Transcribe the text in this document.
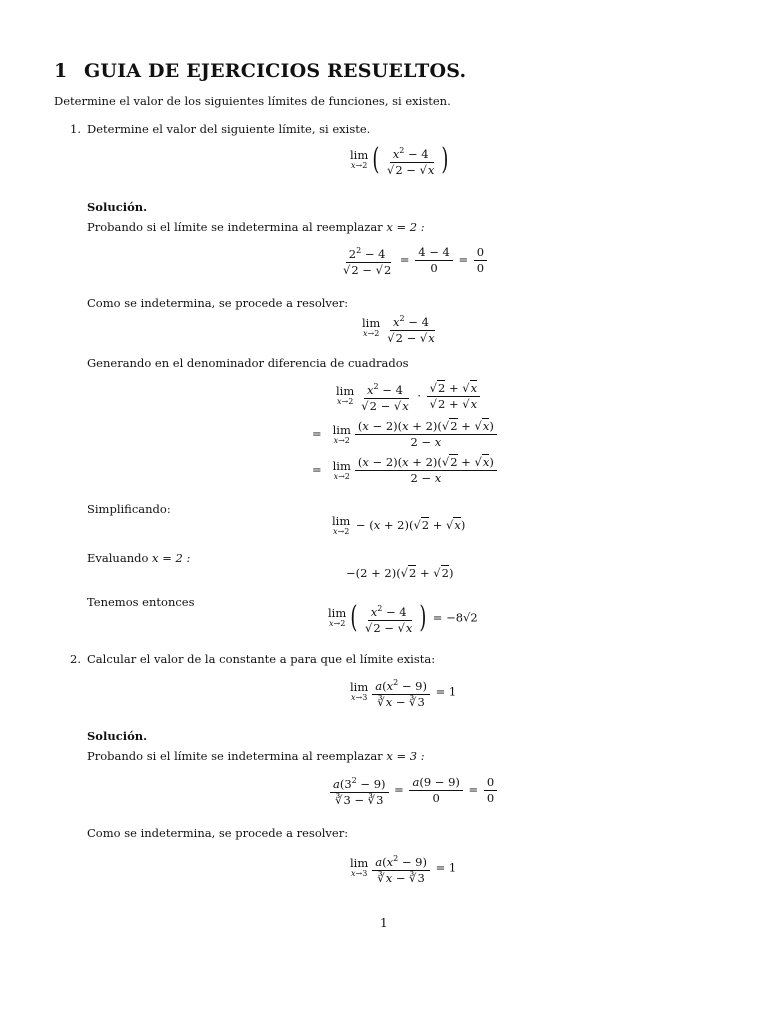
1 GUIA DE EJERCICIOS RESUELTOS.
Determine el valor de los siguientes límites de funciones, si existen.
1. Determine el valor del siguiente límite, si existe.
lim
x→2 ( $\frac{x^2 - 4}{√2 - √x}$ )
Solución.
Probando si el límite se indetermina al reemplazar x = 2 :
$\frac{2^2 - 4}{√2 - √2} = \frac{4 - 4}{0} = \frac{0}{0}$
Como se indetermina, se procede a resolver:
lim
$x\to 2 \frac{x^2 - 4}{√2 - √x}$
Generando en el denominador diferencia de cuadrados
lim
$x\to 2 \frac{x^2 - 4}{√2 - √x} \cdot \frac{√2 + √x}{√2 + √x}$
= lim
$x\to 2 \frac{(x - 2)(x + 2)(√2 + √x)}{2 - x}$
= lim
$x\to 2 \frac{(x - 2)(x + 2)(√2 + √x)}{2 - x}$
Simplificando:
lim
x→2 − (x + 2)(√2 + √x)
Evaluando x = 2 :
−(2 + 2)(√2 + √2)
Tenemos entonces
lim
x→2 ( $\frac{x^2 - 4}{√2 - √x}$ ) = −8√2
2. Calcular el valor de la constante a para que el límite exista:
lim
$x\to 3 \frac{a(x^2 - 9)}{∛x - ∛3} = 1$
Solución.
Probando si el límite se indetermina al reemplazar x = 3 :
$\frac{a(3^2 - 9)}{∛3 - ∛3} = \frac{a(9 - 9)}{0} = \frac{0}{0}$
Como se indetermina, se procede a resolver:
lim
$x\to 3 \frac{a(x^2 - 9)}{∛x - ∛3} = 1$
1
